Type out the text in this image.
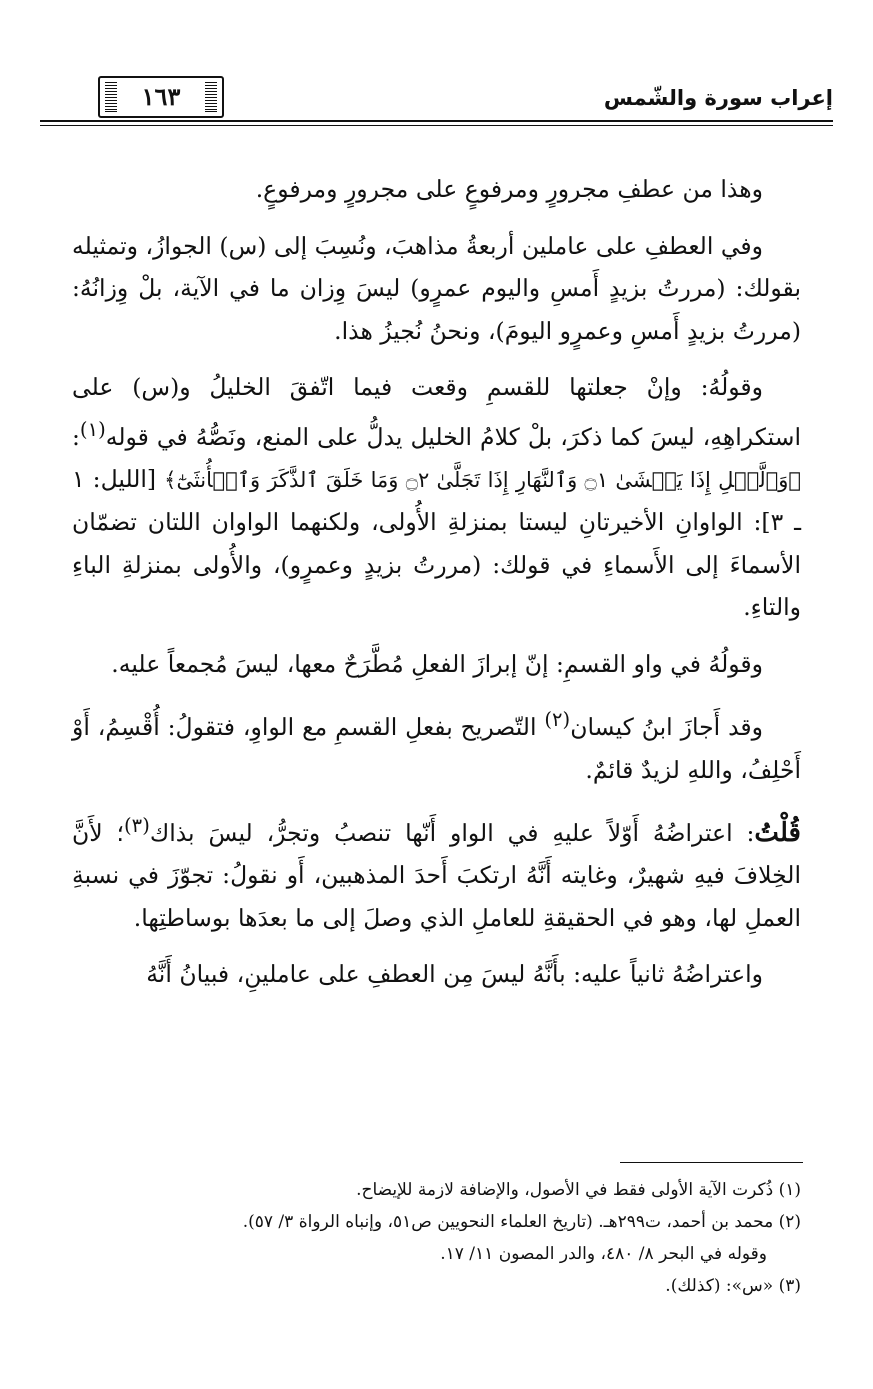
إعراب سورة والشّمس
١٦٣

وهذا من عطفِ مجرورٍ ومرفوعٍ على مجرورٍ ومرفوعٍ.

وفي العطفِ على عاملين أربعةُ مذاهبَ، ونُسِبَ إلى (س) الجوازُ، وتمثيله بقولك: (مررتُ بزيدٍ أَمسِ واليوم عمرٍو) ليسَ وِزان ما في الآية، بلْ وِزانُهُ: (مررتُ بزيدٍ أَمسِ وعمرٍو اليومَ)، ونحنُ نُجيزُ هذا.

وقولُهُ: وإنْ جعلتها للقسمِ وقعت فيما اتّفقَ الخليلُ و(س) على استكراهِهِ، ليسَ كما ذكرَ، بلْ كلامُ الخليل يدلُّ على المنع، ونَصُّهُ في قوله$^{(١)}$: ﴿وَٱلَّيۡلِ إِذَا يَغۡشَىٰ ۝١ وَٱلنَّهَارِ إِذَا تَجَلَّىٰ ۝٢ وَمَا خَلَقَ ٱلذَّكَرَ وَٱلۡأُنثَىٰٓ﴾ [الليل: ١ ـ ٣]: الواوانِ الأخيرتانِ ليستا بمنزلةِ الأُولى، ولكنهما الواوان اللتان تضمّان الأسماءَ إلى الأَسماءِ في قولك: (مررتُ بزيدٍ وعمرٍو)، والأُولى بمنزلةِ الباءِ والتاءِ.

وقولُهُ في واو القسمِ: إنّ إبرازَ الفعلِ مُطَّرَحٌ معها، ليسَ مُجمعاً عليه.

وقد أَجازَ ابنُ كيسان$^{(٢)}$ التّصريح بفعلِ القسمِ مع الواوِ، فتقولُ: أُقْسِمُ، أَوْ أَحْلِفُ، واللهِ لزيدٌ قائمٌ.

قُلْتُ: اعتراضُهُ أَوّلاً عليهِ في الواو أَنّها تنصبُ وتجرُّ، ليسَ بذاك$^{(٣)}$؛ لأَنَّ الخِلافَ فيهِ شهيرٌ، وغايته أَنَّهُ ارتكبَ أَحدَ المذهبين، أَو نقولُ: تجوّزَ في نسبةِ العملِ لها، وهو في الحقيقةِ للعاملِ الذي وصلَ إلى ما بعدَها بوساطتِها.

واعتراضُهُ ثانياً عليه: بأَنَّهُ ليسَ مِن العطفِ على عاملينِ، فبيانُ أَنَّهُ

(١) ذُكرت الآية الأولى فقط في الأصول، والإضافة لازمة للإيضاح.

(٢) محمد بن أحمد، ت٢٩٩هـ. (تاريخ العلماء النحويين ص٥١، وإنباه الرواة ٣/ ٥٧).

وقوله في البحر ٨/ ٤٨٠، والدر المصون ١١/ ١٧.

(٣) «س»: (كذلك).
